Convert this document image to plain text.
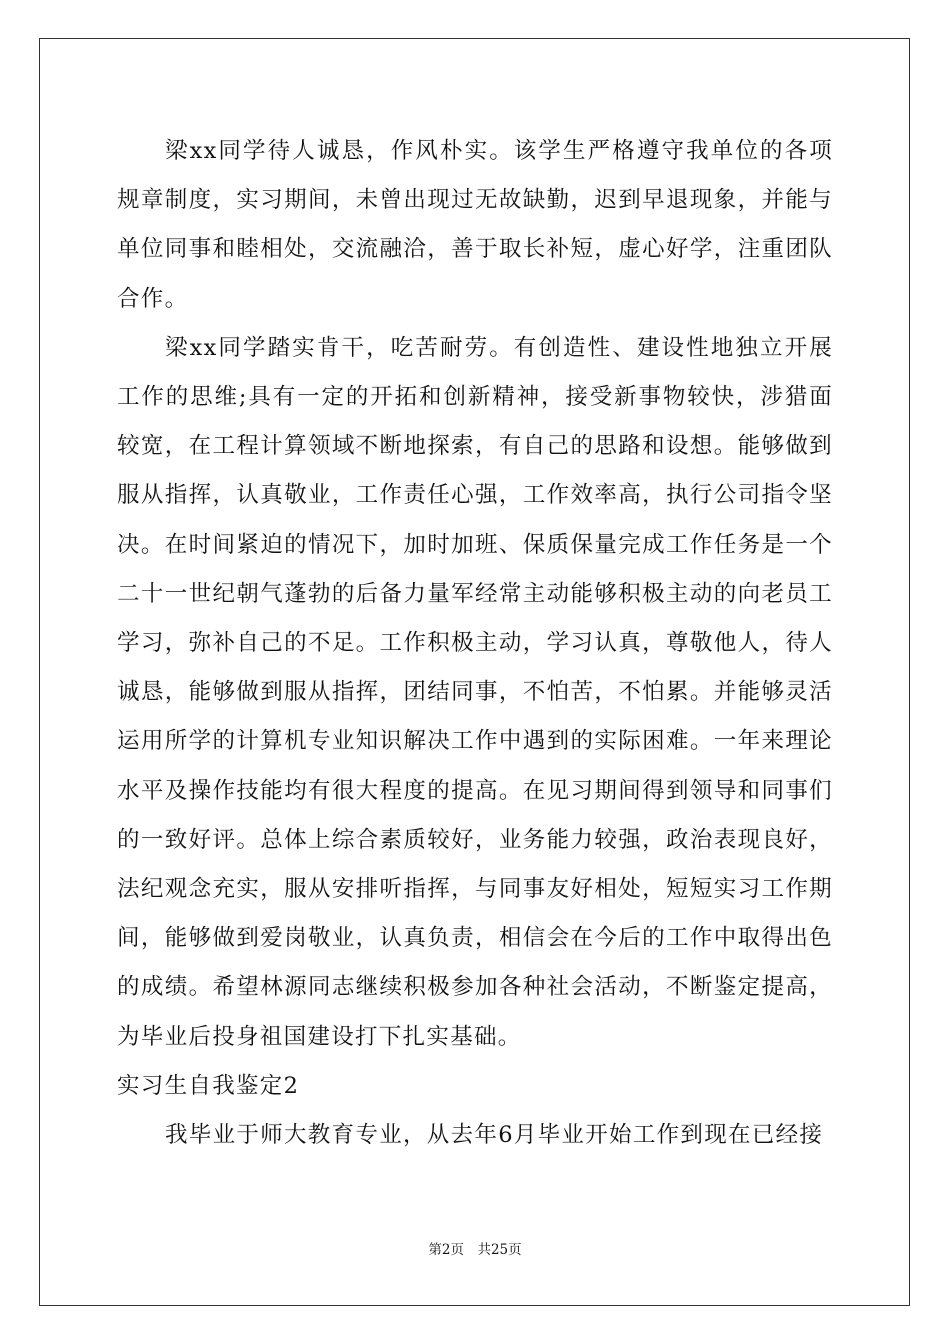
梁xx同学待人诚恳，作风朴实。该学生严格遵守我单位的各项规章制度，实习期间，未曾出现过无故缺勤，迟到早退现象，并能与单位同事和睦相处，交流融洽，善于取长补短，虚心好学，注重团队合作。

梁xx同学踏实肯干，吃苦耐劳。有创造性、建设性地独立开展工作的思维;具有一定的开拓和创新精神，接受新事物较快，涉猎面较宽，在工程计算领域不断地探索，有自己的思路和设想。能够做到服从指挥，认真敬业，工作责任心强，工作效率高，执行公司指令坚决。在时间紧迫的情况下，加时加班、保质保量完成工作任务是一个二十一世纪朝气蓬勃的后备力量军经常主动能够积极主动的向老员工学习，弥补自己的不足。工作积极主动，学习认真，尊敬他人，待人诚恳，能够做到服从指挥，团结同事，不怕苦，不怕累。并能够灵活运用所学的计算机专业知识解决工作中遇到的实际困难。一年来理论水平及操作技能均有很大程度的提高。在见习期间得到领导和同事们的一致好评。总体上综合素质较好，业务能力较强，政治表现良好，法纪观念充实，服从安排听指挥，与同事友好相处，短短实习工作期间，能够做到爱岗敬业，认真负责，相信会在今后的工作中取得出色的成绩。希望林源同志继续积极参加各种社会活动，不断鉴定提高，为毕业后投身祖国建设打下扎实基础。

实习生自我鉴定2

我毕业于师大教育专业，从去年6月毕业开始工作到现在已经接

第2页　共25页
